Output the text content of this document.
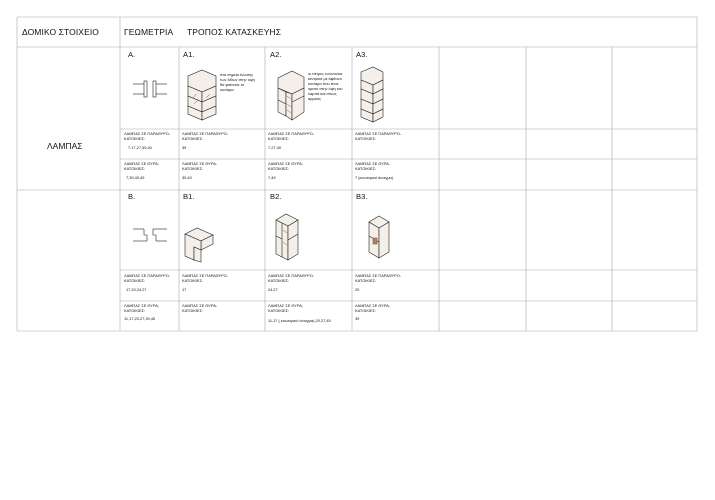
ΔΟΜΙΚΟ ΣΤΟΙΧΕΙΟ	ΓΕΩΜΕΤΡΙΑ ΤΡΟΠΟΣ ΚΑΤΑΣΚΕΥΗΣ
ΛΑΜΠΑΣ
Α.	Α1.	Α2.	Α3.
στα σημεία ένωσης των λίθων στην όψη θα φαίνεται το κονίαμα
οι πέτρες ενώνονται κεντρικά με άφθονο κονίαμα που είναι ορατό στην όψη του λαμπά και στους αρμούς
ΛΑΜΠΑΣ ΣΕ ΠΑΡΑΘΥΡΟ-
ΚΑΤΟΙΚΙΕΣ:
7,17,27,39,40
ΛΑΜΠΑΣ ΣΕ ΠΑΡΑΘΥΡΟ-
ΚΑΤΟΙΚΙΕΣ:
39
ΛΑΜΠΑΣ ΣΕ ΠΑΡΑΘΥΡΟ-
ΚΑΤΟΙΚΙΕΣ:
7,27,40
ΛΑΜΠΑΣ ΣΕ ΠΑΡΑΘΥΡΟ-
ΚΑΤΟΙΚΙΕΣ:
ΛΑΜΠΑΣ ΣΕ ΘΥΡΑ-
ΚΑΤΟΙΚΙΕΣ:
7,39,40,49
ΛΑΜΠΑΣ ΣΕ ΘΥΡΑ-
ΚΑΤΟΙΚΙΕΣ:
39,40
ΛΑΜΠΑΣ ΣΕ ΘΥΡΑ-
ΚΑΤΟΙΚΙΕΣ:
7,49
ΛΑΜΠΑΣ ΣΕ ΘΥΡΑ-
ΚΑΤΟΙΚΙΕΣ:
7 (εσωτερικό άνοιγμα)
Β.	Β1.	Β2.	Β3.
ΛΑΜΠΑΣ ΣΕ ΠΑΡΑΘΥΡΟ-
ΚΑΤΟΙΚΙΕΣ:
17,20,24,27
ΛΑΜΠΑΣ ΣΕ ΠΑΡΑΘΥΡΟ-
ΚΑΤΟΙΚΙΕΣ:
17
ΛΑΜΠΑΣ ΣΕ ΠΑΡΑΘΥΡΟ-
ΚΑΤΟΙΚΙΕΣ:
24,27
ΛΑΜΠΑΣ ΣΕ ΠΑΡΑΘΥΡΟ-
ΚΑΤΟΙΚΙΕΣ:
20
ΛΑΜΠΑΣ ΣΕ ΘΥΡΑ-
ΚΑΤΟΙΚΙΕΣ:
11,17,20,27,39,45
ΛΑΜΠΑΣ ΣΕ ΘΥΡΑ-
ΚΑΤΟΙΚΙΕΣ:
ΛΑΜΠΑΣ ΣΕ ΘΥΡΑ-
ΚΑΤΟΙΚΙΕΣ:
11,17 ( εσωτερικό άνοιγμα),20,27,45
ΛΑΜΠΑΣ ΣΕ ΘΥΡΑ-
ΚΑΤΟΙΚΙΕΣ:
39
